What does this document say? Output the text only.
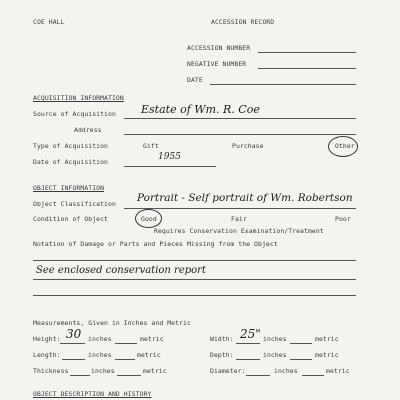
COE HALL	ACCESSION RECORD
ACCESSION NUMBER
NEGATIVE NUMBER
DATE
ACQUISITION INFORMATION
Source of Acquisition Estate of Wm. R. Coe
Address
Type of Acquisition	Gift	Purchase	Other
Date of Acquisition	1955
OBJECT INFORMATION
Object Classification Portrait - Self portrait of Wm. Robertson
Condition of Object	Good	Fair	Poor
Requires Conservation Examination/Treatment
Notation of Damage or Parts and Pieces Missing from the Object
See enclosed conservation report
Measurements, Given in Inches and Metric
Height: 30 inches	metric	Width: 25" inches	metric
Length:	inches	metric	Depth:	inches	metric
Thickness	inches	metric	Diameter:	inches	metric
OBJECT DESCRIPTION AND HISTORY
